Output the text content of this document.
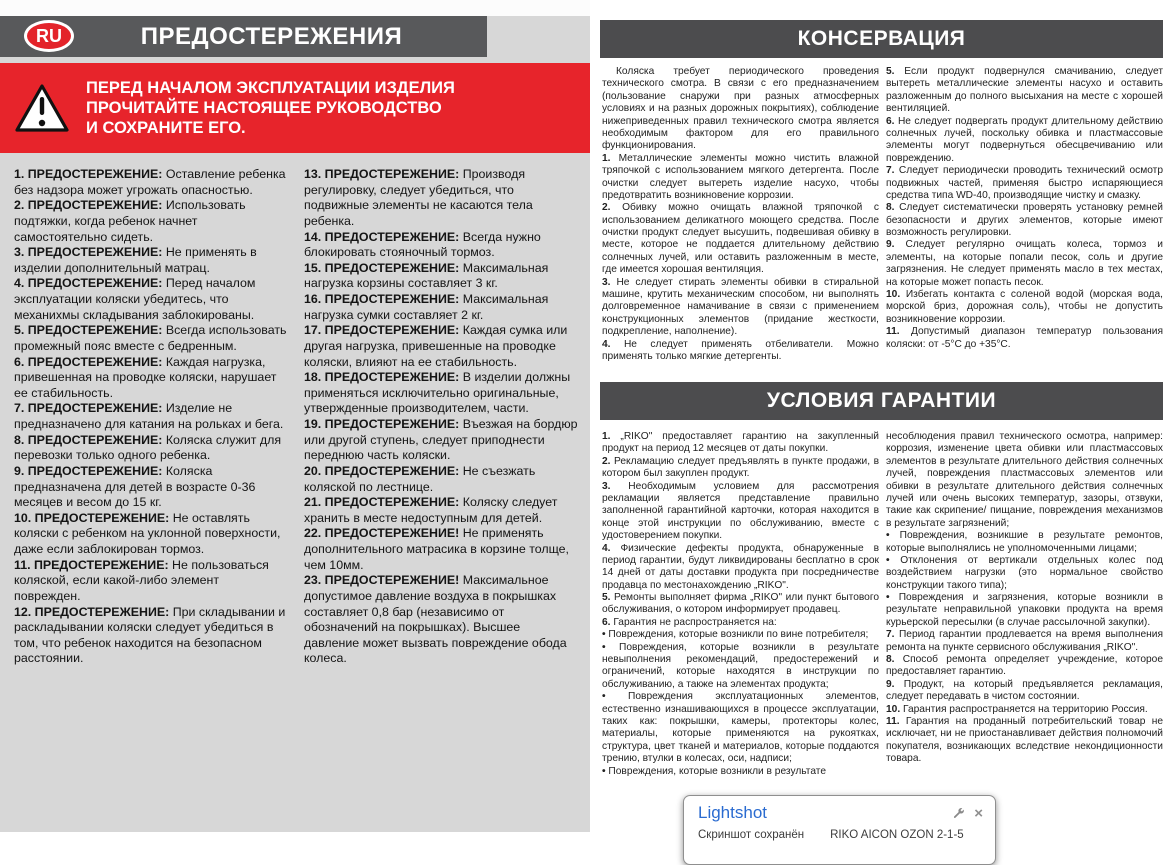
ПРЕДОСТЕРЕЖЕНИЯ
RU
ПЕРЕД НАЧАЛОМ ЭКСПЛУАТАЦИИ ИЗДЕЛИЯ ПРОЧИТАЙТЕ НАСТОЯЩЕЕ РУКОВОДСТВО И СОХРАНИТЕ ЕГО.

1. ПРЕДОСТЕРЕЖЕНИЕ: Оставление ребенка без надзора может угрожать опасностью.

2. ПРЕДОСТЕРЕЖЕНИЕ: Использовать подтяжки, когда ребенок начнет самостоятельно сидеть.

3. ПРЕДОСТЕРЕЖЕНИЕ: Не применять в изделии дополнительный матрац.

4. ПРЕДОСТЕРЕЖЕНИЕ: Перед началом эксплуатации коляски убедитесь, что механихмы складывания заблокированы.

5. ПРЕДОСТЕРЕЖЕНИЕ: Всегда использовать промежный пояс вместе с бедренным.

6. ПРЕДОСТЕРЕЖЕНИЕ: Каждая нагрузка, привешенная на проводке коляски, нарушает ее стабильность.

7. ПРЕДОСТЕРЕЖЕНИЕ: Изделие не предназначено для катания на рольках и бега.

8. ПРЕДОСТЕРЕЖЕНИЕ: Коляска служит для перевозки только одного ребенка.

9. ПРЕДОСТЕРЕЖЕНИЕ: Коляска предназначена для детей в возрасте 0-36 месяцев и весом до 15 кг.

10. ПРЕДОСТЕРЕЖЕНИЕ: Не оставлять коляски с ребенком на уклонной поверхности, даже если заблокирован тормоз.

11. ПРЕДОСТЕРЕЖЕНИЕ: Не пользоваться коляской, если какой-либо элемент поврежден.

12. ПРЕДОСТЕРЕЖЕНИЕ: При складывании и раскладывании коляски следует убедиться в том, что ребенок находится на безопасном расстоянии.

13. ПРЕДОСТЕРЕЖЕНИЕ: Производя регулировку, следует убедиться, что подвижные элементы не касаются тела ребенка.

14. ПРЕДОСТЕРЕЖЕНИЕ: Всегда нужно блокировать стояночный тормоз.

15. ПРЕДОСТЕРЕЖЕНИЕ: Максимальная нагрузка корзины составляет 3 кг.

16. ПРЕДОСТЕРЕЖЕНИЕ: Максимальная нагрузка сумки составляет 2 кг.

17. ПРЕДОСТЕРЕЖЕНИЕ: Каждая сумка или другая нагрузка, привешенные на проводке коляски, влияют на ее стабильность.

18. ПРЕДОСТЕРЕЖЕНИЕ: В изделии должны применяться исключительно оригинальные, утвержденные производителем, части.

19. ПРЕДОСТЕРЕЖЕНИЕ: Въезжая на бордюр или другой ступень, следует приподнести переднюю часть коляски.

20. ПРЕДОСТЕРЕЖЕНИЕ: Не съезжать коляской по лестнице.

21. ПРЕДОСТЕРЕЖЕНИЕ: Коляску следует хранить в месте недоступным для детей.

22. ПРЕДОСТЕРЕЖЕНИЕ! Не применять дополнительного матрасика в корзине толще, чем 10мм.

23. ПРЕДОСТЕРЕЖЕНИЕ! Максимальное допустимое давление воздуха в покрышках составляет 0,8 бар (независимо от обозначений на покрышках). Высшее давление может вызвать повреждение обода колеса.

КОНСЕРВАЦИЯ

Коляска требует периодического проведения технического смотра. В связи с его предназначением (пользование снаружи при разных атмосферных условиях и на разных дорожных покрытиях), соблюдение нижеприведенных правил технического смотра является необходимым фактором для его правильного функционирования.

1. Металлические элементы можно чистить влажной тряпочкой с использованием мягкого детергента. После очистки следует вытереть изделие насухо, чтобы предотвратить возникновение коррозии.

2. Обивку можно очищать влажной тряпочкой с использованием деликатного моющего средства. После очистки продукт следует высушить, подвешивая обивку в месте, которое не поддается длительному действию солнечных лучей, или оставить разложенным в месте, где имеется хорошая вентиляция.

3. Не следует стирать элементы обивки в стиральной машине, крутить механическим способом, ни выполнять долговременное намачивание в связи с применением конструкционных элементов (придание жесткости, подкрепление, наполнение).

4. Не следует применять отбеливатели. Можно применять только мягкие детергенты.

5. Если продукт подвернулся смачиванию, следует вытереть металлические элементы насухо и оставить разложенным до полного высыхания на месте с хорошей вентиляцией.

6. Не следует подвергать продукт длительному действию солнечных лучей, поскольку обивка и пластмассовые элементы могут подвернуться обесцвечиванию или повреждению.

7. Следует периодически проводить технический осмотр подвижных частей, применяя быстро испаряющиеся средства типа WD-40, производящие чистку и смазку.

8. Следует систематически проверять установку ремней безопасности и других элементов, которые имеют возможность регулировки.

9. Следует регулярно очищать колеса, тормоз и элементы, на которые попали песок, соль и другие загрязнения. Не следует применять масло в тех местах, на которые может попасть песок.

10. Избегать контакта с соленой водой (морская вода, морской бриз, дорожная соль), чтобы не допустить возникновение коррозии.

11. Допустимый диапазон температур пользования коляски: от -5°C до +35°C.

УСЛОВИЯ ГАРАНТИИ

1. „RIKO" предоставляет гарантию на закупленный продукт на период 12 месяцев от даты покупки.

2. Рекламацию следует предъявлять в пункте продажи, в котором был закуплен продукт.

3. Необходимым условием для рассмотрения рекламации является представление правильно заполненной гарантийной карточки, которая находится в конце этой инструкции по обслуживанию, вместе с удостоверением покупки.

4. Физические дефекты продукта, обнаруженные в период гарантии, будут ликвидированы бесплатно в срок 14 дней от даты доставки продукта при посредничестве продавца по местонахождению „RIKO".

5. Ремонты выполняет фирма „RIKO" или пункт бытового обслуживания, о котором информирует продавец.

6. Гарантия не распространяется на:

• Повреждения, которые возникли по вине потребителя;

• Повреждения, которые возникли в результате невыполнения рекомендаций, предостережений и ограничений, которые находятся в инструкции по обслуживанию, а также на элементах продукта;

• Повреждения эксплуатационных элементов, естественно изнашивающихся в процессе эксплуатации, таких как: покрышки, камеры, протекторы колес, материалы, которые применяются на рукоятках, структура, цвет тканей и материалов, которые поддаются трению, втулки в колесах, оси, надписи;

• Повреждения, которые возникли в результате

несоблюдения правил технического осмотра, например: коррозия, изменение цвета обивки или пластмассовых элементов в результате длительного действия солнечных лучей, повреждения пластмассовых элементов или обивки в результате длительного действия солнечных лучей или очень высоких температур, зазоры, отзвуки, такие как скрипение/ пищание, повреждения механизмов в результате загрязнений;

• Повреждения, возникшие в результате ремонтов, которые выполнялись не уполномоченными лицами;

• Отклонения от вертикали отдельных колес под воздействием нагрузки (это нормальное свойство конструкции такого типа);

• Повреждения и загрязнения, которые возникли в результате неправильной упаковки продукта на время курьерской пересылки (в случае рассылочной закупки).

7. Период гарантии продлевается на время выполнения ремонта на пункте сервисного обслуживания „RIKO".

8. Способ ремонта определяет учреждение, которое предоставляет гарантию.

9. Продукт, на который предъявляется рекламация, следует передавать в чистом состоянии.

10. Гарантия распространяется на территорию Россия.

11. Гарантия на проданный потребительский товар не исключает, ни не приостанавливает действия полномочий покупателя, возникающих вследствие некондиционности товара.

Lightshot	×
Скриншот сохранён RIKO AICON OZON 2-1-5
